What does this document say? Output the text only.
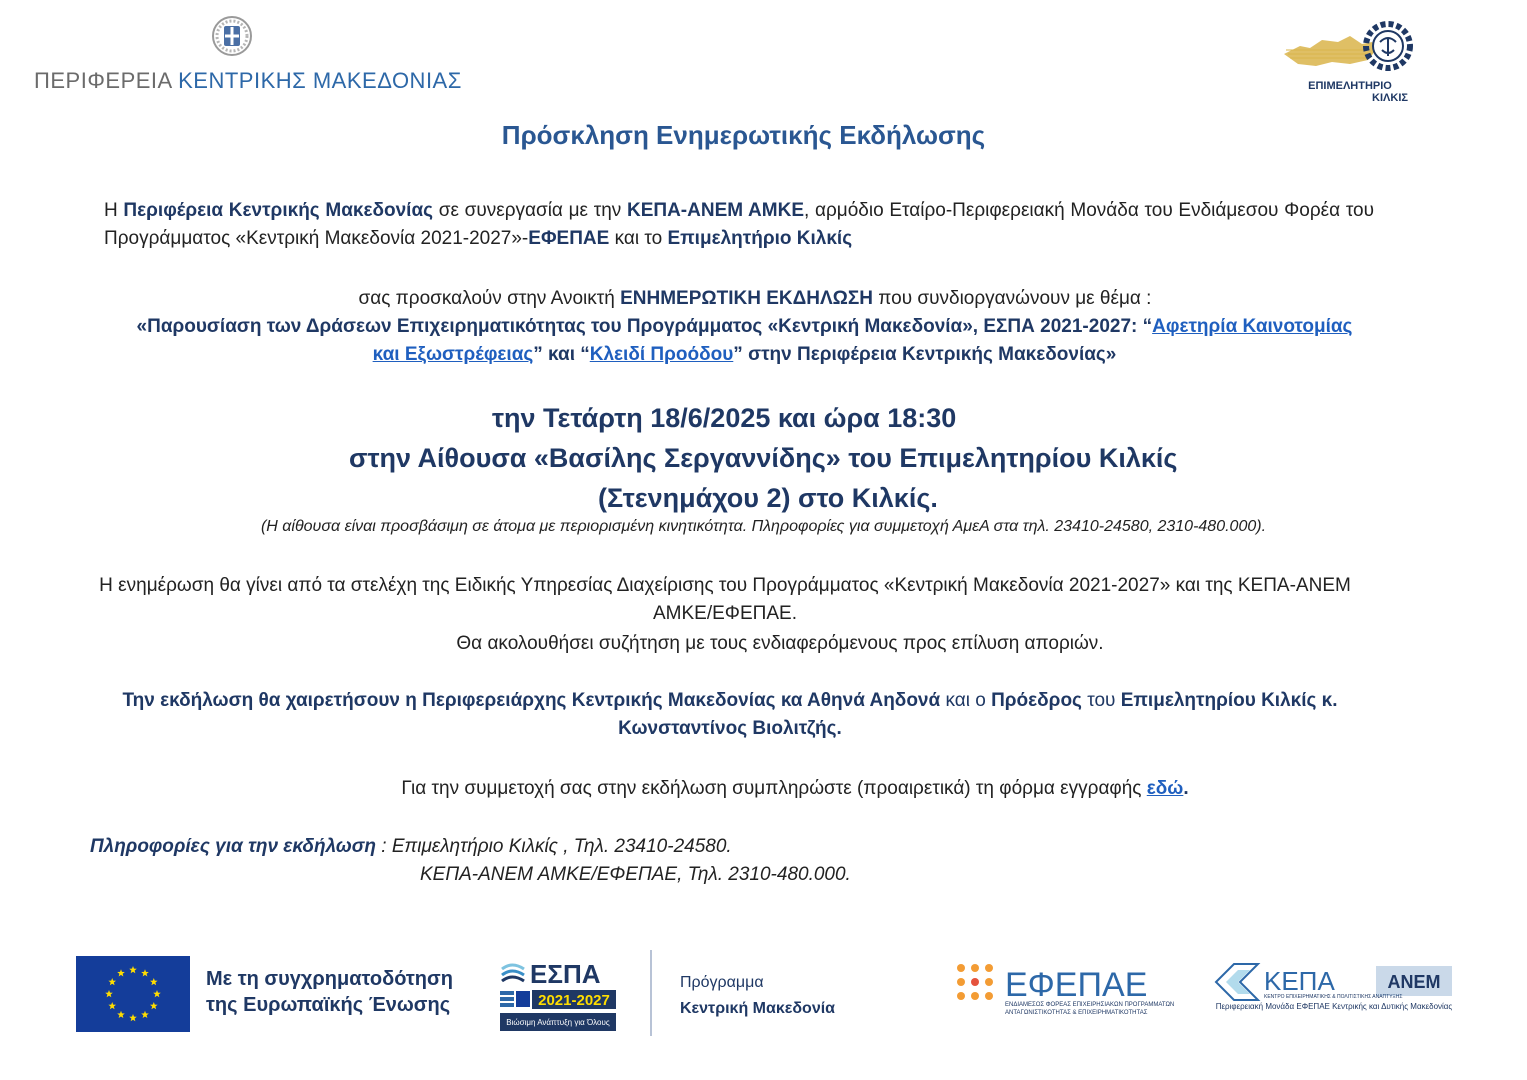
ΠΕΡΙΦΕΡΕΙΑ ΚΕΝΤΡΙΚΗΣ ΜΑΚΕΔΟΝΙΑΣ	ΕΠΙΜΕΛΗΤΗΡΙΟ
ΚΙΛΚΙΣ
Πρόσκληση Ενημερωτικής Εκδήλωσης
Η Περιφέρεια Κεντρικής Μακεδονίας σε συνεργασία με την ΚΕΠΑ-ΑΝΕΜ ΑΜΚΕ, αρμόδιο Εταίρο-Περιφερειακή Μονάδα του Ενδιάμεσου Φορέα του Προγράμματος «Κεντρική Μακεδονία 2021-2027»-ΕΦΕΠΑΕ και το Επιμελητήριο Κιλκίς
σας προσκαλούν στην Ανοικτή ΕΝΗΜΕΡΩΤΙΚΗ ΕΚΔΗΛΩΣΗ που συνδιοργανώνουν με θέμα :
«Παρουσίαση των Δράσεων Επιχειρηματικότητας του Προγράμματος «Κεντρική Μακεδονία», ΕΣΠΑ 2021-2027: “Αφετηρία Καινοτομίας και Εξωστρέφειας” και “Κλειδί Προόδου” στην Περιφέρεια Κεντρικής Μακεδονίας»
την Τετάρτη 18/6/2025 και ώρα 18:30
στην Αίθουσα «Βασίλης Σεργαννίδης» του Επιμελητηρίου Κιλκίς
(Στενημάχου 2) στο Κιλκίς.
(Η αίθουσα είναι προσβάσιμη σε άτομα με περιορισμένη κινητικότητα. Πληροφορίες για συμμετοχή ΑμεΑ στα τηλ. 23410-24580, 2310-480.000).
Η ενημέρωση θα γίνει από τα στελέχη της Ειδικής Υπηρεσίας Διαχείρισης του Προγράμματος «Κεντρική Μακεδονία 2021-2027» και της ΚΕΠΑ-ΑΝΕΜ ΑΜΚΕ/ΕΦΕΠΑΕ.
Θα ακολουθήσει συζήτηση με τους ενδιαφερόμενους προς επίλυση αποριών.
Την εκδήλωση θα χαιρετήσουν η Περιφερειάρχης Κεντρικής Μακεδονίας κα Αθηνά Αηδονά και ο Πρόεδρος του Επιμελητηρίου Κιλκίς κ. Κωνσταντίνος Βιολιτζής.
Για την συμμετοχή σας στην εκδήλωση συμπληρώστε (προαιρετικά) τη φόρμα εγγραφής εδώ.
Πληροφορίες για την εκδήλωση : Επιμελητήριο Κιλκίς , Τηλ. 23410-24580.
ΚΕΠΑ-ΑΝΕΜ ΑΜΚΕ/ΕΦΕΠΑΕ, Τηλ. 2310-480.000.
Με τη συγχρηματοδότηση
της Ευρωπαϊκής Ένωσης
ΕΣΠΑ
2021-2027
Βιώσιμη Ανάπτυξη για Όλους
Πρόγραμμα
Κεντρική Μακεδονία
ΕΦΕΠΑΕ
ΕΝΔΙΑΜΕΣΟΣ ΦΟΡΕΑΣ ΕΠΙΧΕΙΡΗΣΙΑΚΩΝ ΠΡΟΓΡΑΜΜΑΤΩΝ
ΑΝΤΑΓΩΝΙΣΤΙΚΟΤΗΤΑΣ & ΕΠΙΧΕΙΡΗΜΑΤΙΚΟΤΗΤΑΣ
ΚΕΠΑ
ΚΕΝΤΡΟ ΕΠΙΧΕΙΡΗΜΑΤΙΚΗΣ & ΠΟΛΙΤΙΣΤΙΚΗΣ ΑΝΑΠΤΥΞΗΣ
ΑΝΕΜ
Περιφερειακή Μονάδα ΕΦΕΠΑΕ Κεντρικής και Δυτικής Μακεδονίας
